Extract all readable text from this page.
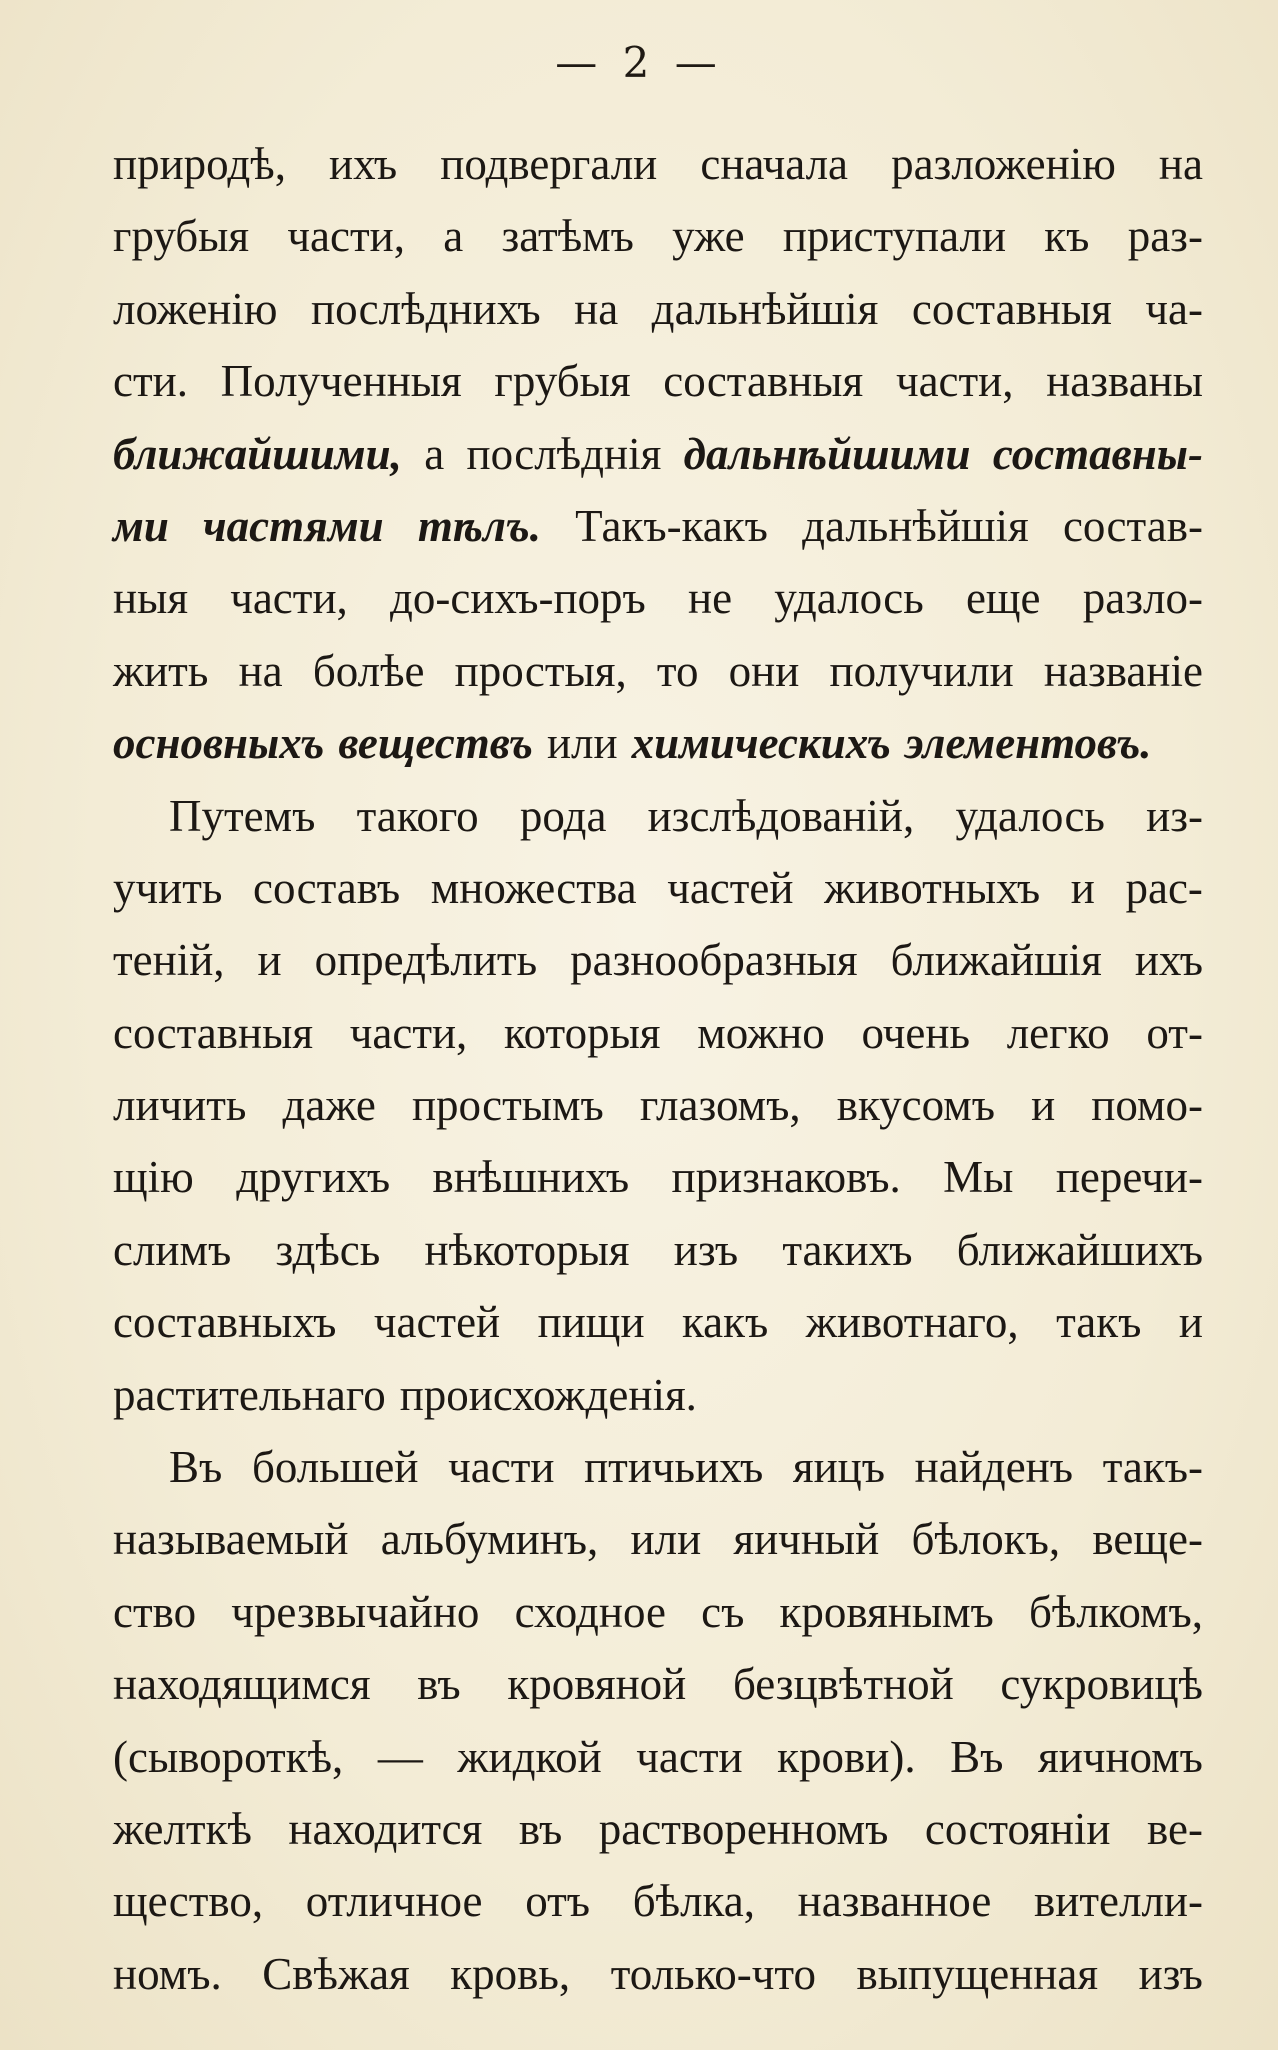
— 2 —
природѣ, ихъ подвергали сначала разложенію на
грубыя части, а затѣмъ уже приступали къ раз-
ложенію послѣднихъ на дальнѣйшія составныя ча-
сти. Полученныя грубыя составныя части, названы
ближайшими, а послѣднія дальнѣйшими составны-
ми частями тѣлъ. Такъ-какъ дальнѣйшія состав-
ныя части, до-сихъ-поръ не удалось еще разло-
жить на болѣе простыя, то они получили названіе
основныхъ веществъ или химическихъ элементовъ.
Путемъ такого рода изслѣдованій, удалось из-
учить составъ множества частей животныхъ и рас-
теній, и опредѣлить разнообразныя ближайшія ихъ
составныя части, которыя можно очень легко от-
личить даже простымъ глазомъ, вкусомъ и помо-
щію другихъ внѣшнихъ признаковъ. Мы перечи-
слимъ здѣсь нѣкоторыя изъ такихъ ближайшихъ
составныхъ частей пищи какъ животнаго, такъ и
растительнаго происхожденія.
Въ большей части птичьихъ яицъ найденъ такъ-
называемый альбуминъ, или яичный бѣлокъ, веще-
ство чрезвычайно сходное съ кровянымъ бѣлкомъ,
находящимся въ кровяной безцвѣтной сукровицѣ
(сывороткѣ, — жидкой части крови). Въ яичномъ
желткѣ находится въ растворенномъ состояніи ве-
щество, отличное отъ бѣлка, названное вителли-
номъ. Свѣжая кровь, только-что выпущенная изъ
